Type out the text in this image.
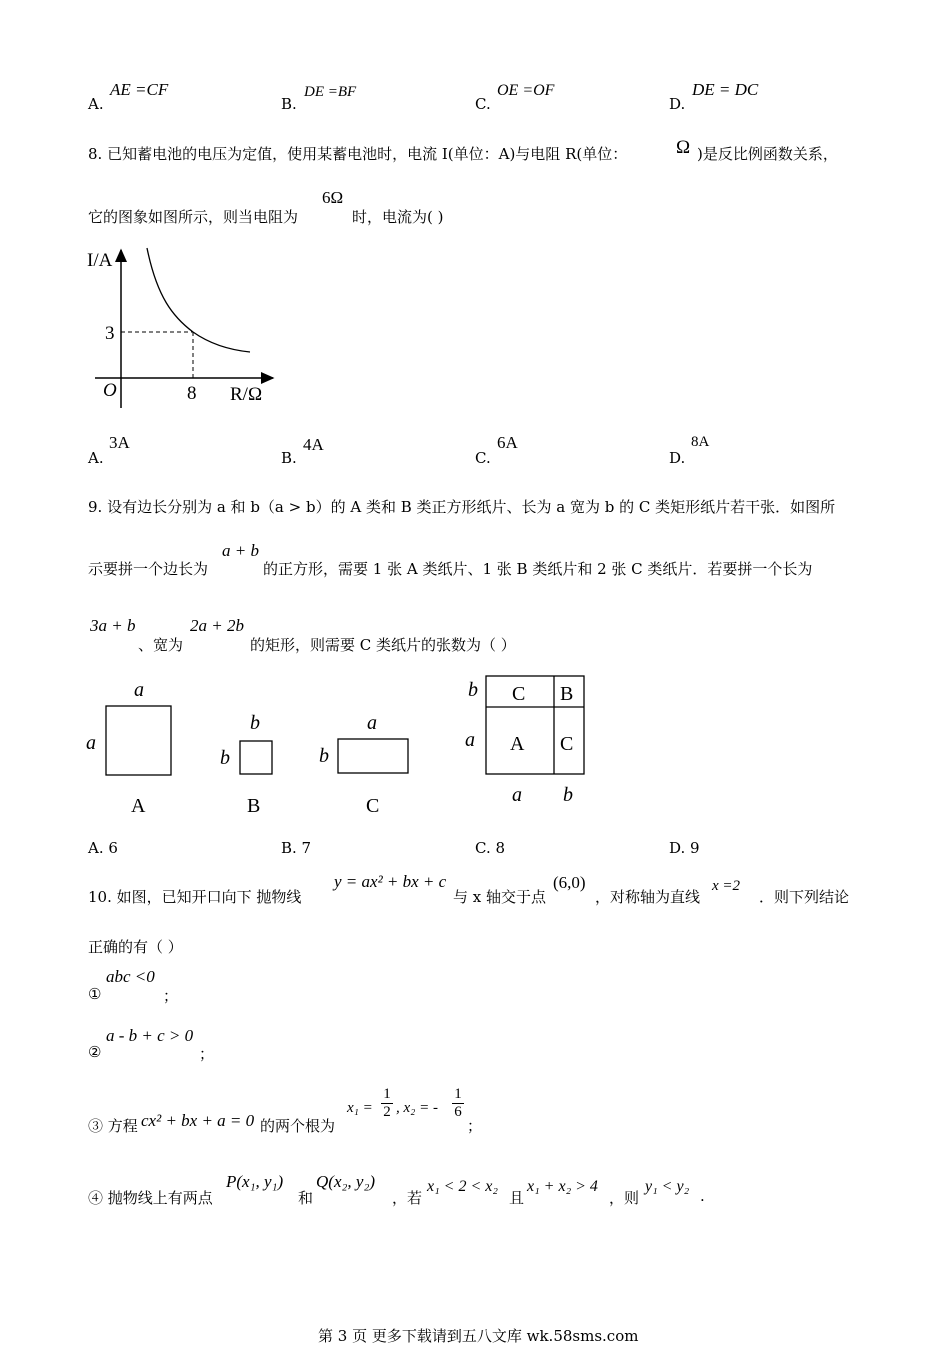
A.
AE =CF
B.
DE =BF
C.
OE =OF
D.
DE = DC
8. 已知蓄电池的电压为定值，使用某蓄电池时，电流 I(单位：A)与电阻 R(单位：	Ω )是反比例函数关系，
它的图象如图所示，则当电阻为
6Ω
时，电流为( )
I/A
R/Ω
O
3
8
A.
3A
B.
4A
C.
6A
D.
8A
9. 设有边长分别为 a 和 b（a > b）的 A 类和 B 类正方形纸片、长为 a 宽为 b 的 C 类矩形纸片若干张．如图所
示要拼一个边长为
a + b
的正方形，需要 1 张 A 类纸片、1 张 B 类纸片和 2 张 C 类纸片．若要拼一个长为
3a + b
、宽为
2a + 2b
的矩形，则需要 C 类纸片的张数为（ ）
a
a
A
b
b
B
a
b
C
b
a
C B
A C
a b
A. 6	B. 7	C. 8	D. 9
10. 如图，已知开口向下 抛物线
y = ax² + bx + c
与 x 轴交于点
(6,0)
，对称轴为直线
x =2
．则下列结论
正确的有（ ）
①
abc <0
；
②
a - b + c > 0
；
③ 方程 cx² + bx + a = 0 的两个根为
x₁ =
1
2 , x₂ = -
1
6
；
④ 抛物线上有两点
P(x₁, y₁)
和
Q(x₂, y₂)
，若
x₁ < 2 < x₂
且
x₁ + x₂ > 4
，则
y₁ < y₂
.
第 3 页 更多下载请到五八文库 wk.58sms.com
